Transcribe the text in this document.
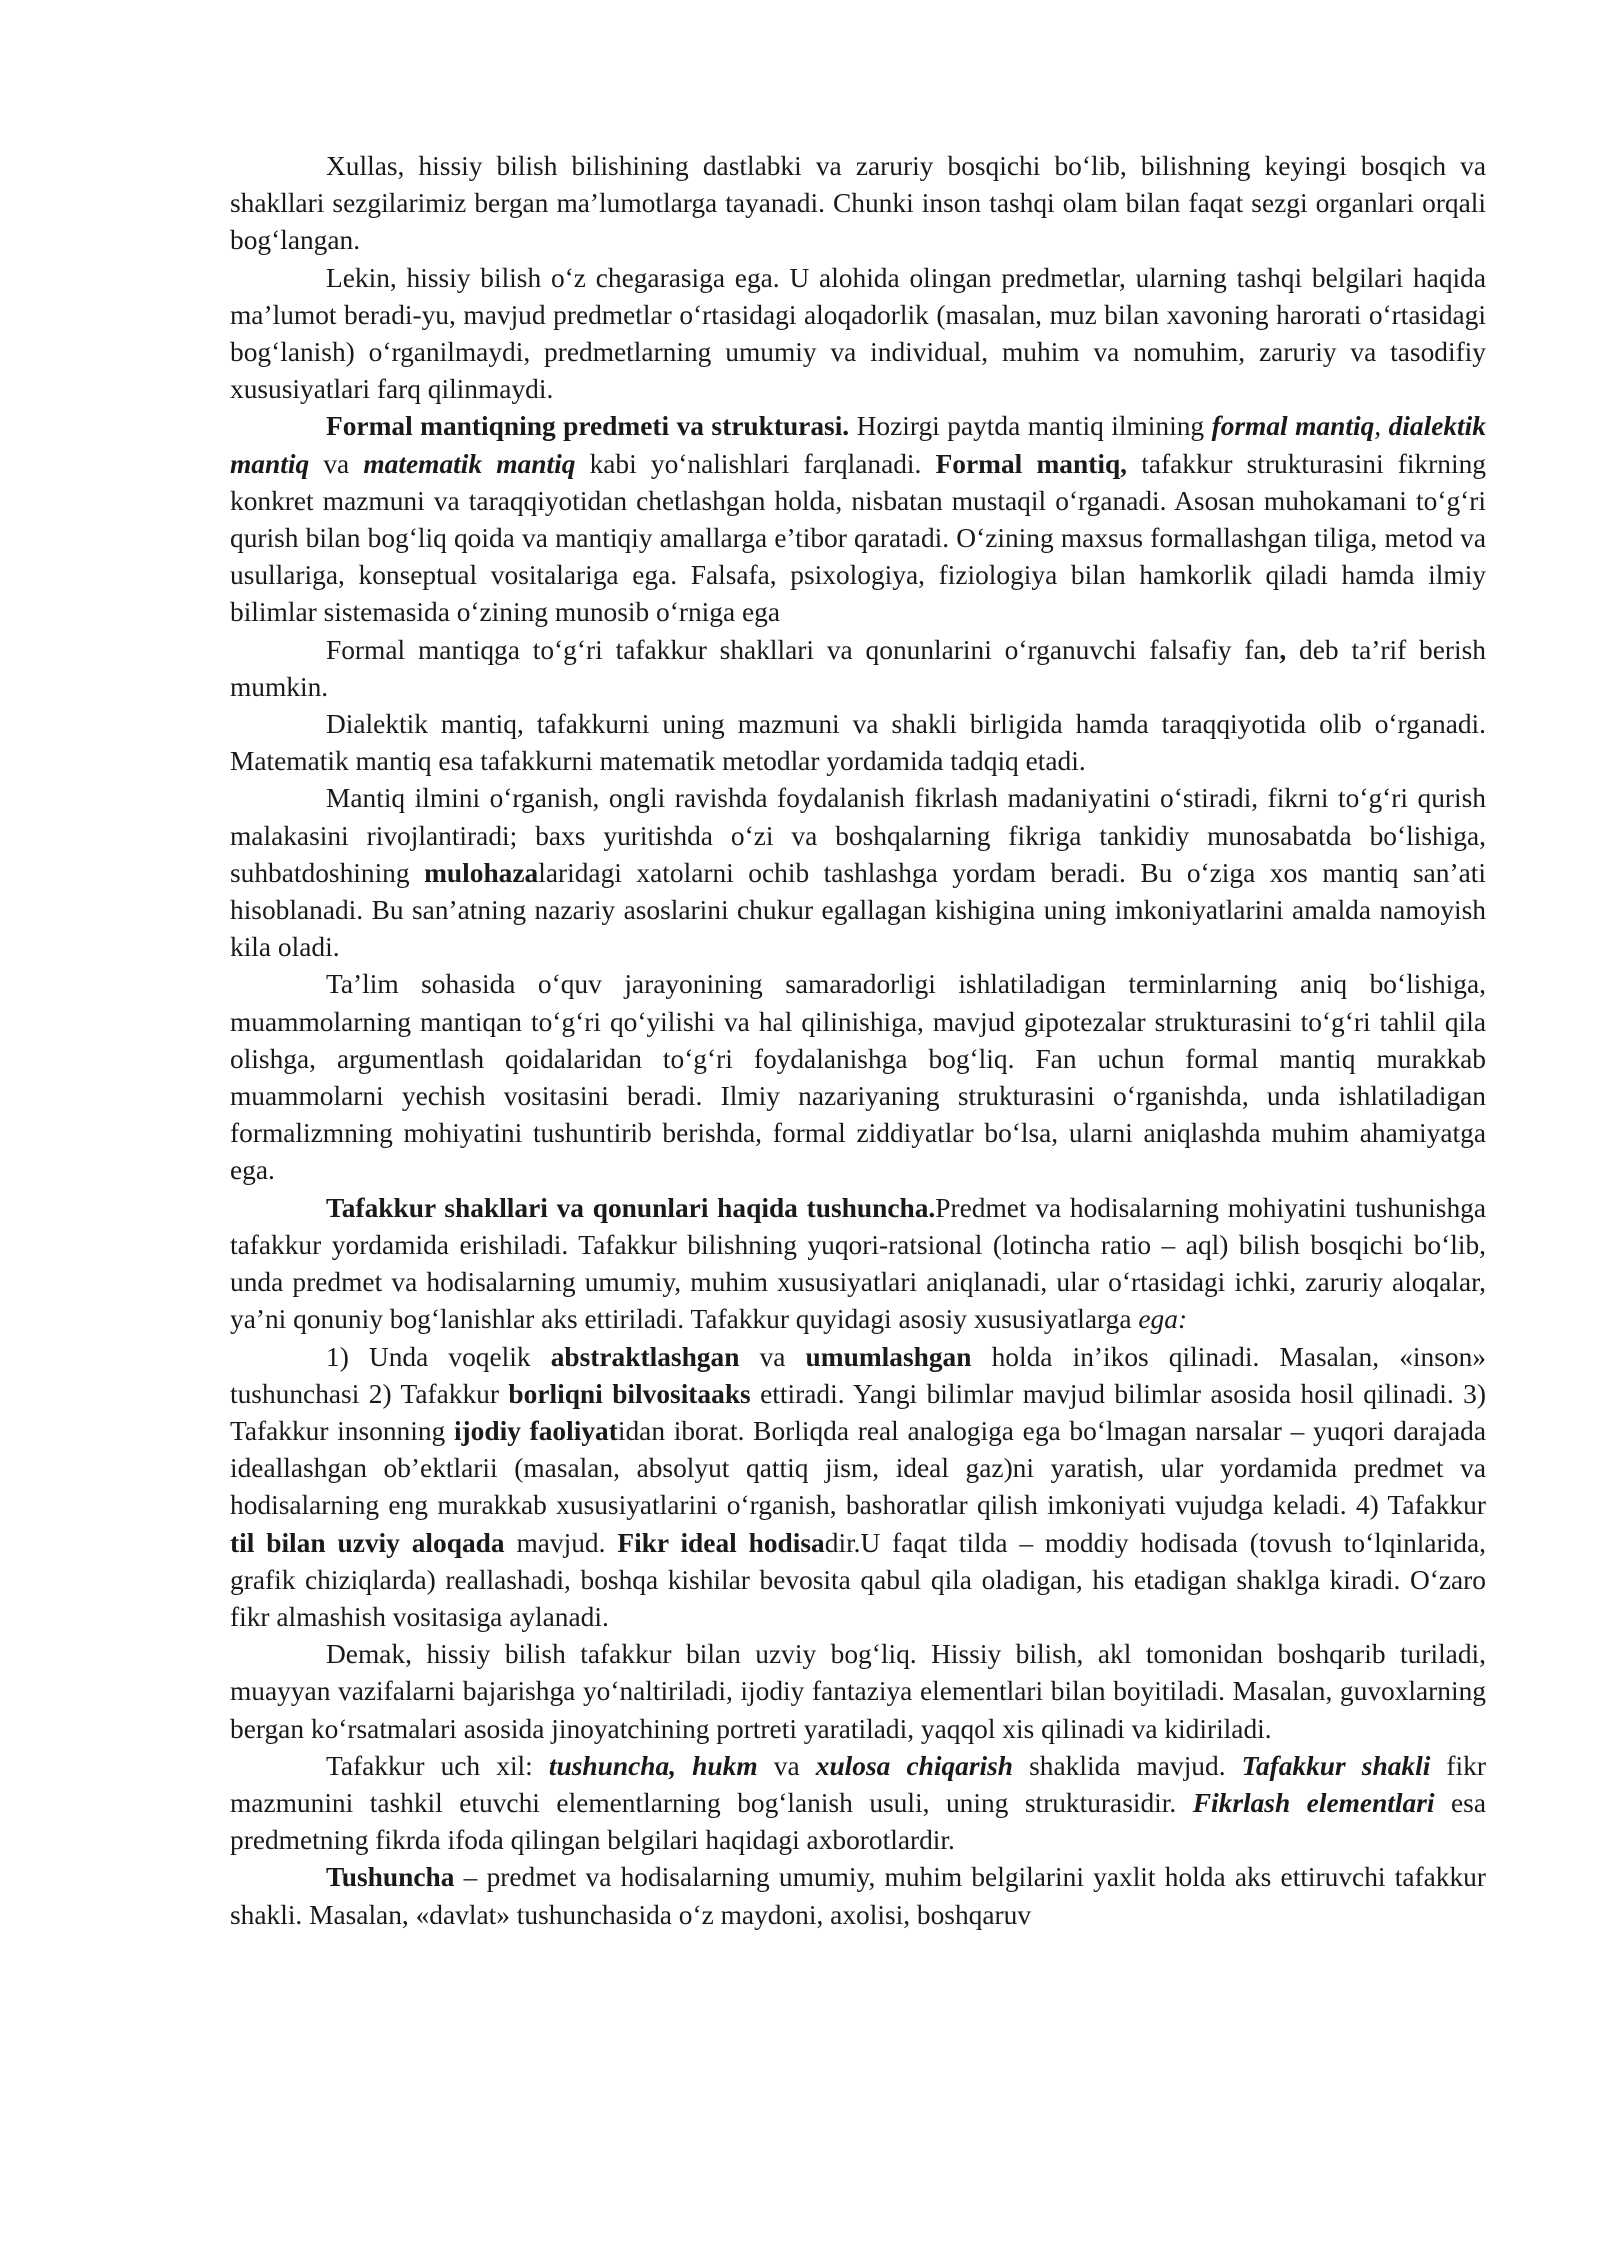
Xullas, hissiy bilish bilishining dastlabki va zaruriy bosqichi bo‘lib, bilishning keyingi bosqich va shakllari sezgilarimiz bergan ma’lumotlarga tayanadi. Chunki inson tashqi olam bilan faqat sezgi organlari orqali bog‘langan.

Lekin, hissiy bilish o‘z chegarasiga ega. U alohida olingan predmetlar, ularning tashqi belgilari haqida ma’lumot beradi-yu, mavjud predmetlar o‘rtasidagi aloqadorlik (masalan, muz bilan xavoning harorati o‘rtasidagi bog‘lanish) o‘rganilmaydi, predmetlarning umumiy va individual, muhim va nomuhim, zaruriy va tasodifiy xususiyatlari farq qilinmaydi.

Formal mantiqning predmeti va strukturasi. Hozirgi paytda mantiq ilmining formal mantiq, dialektik mantiq va matematik mantiq kabi yo‘nalishlari farqlanadi. Formal mantiq, tafakkur strukturasini fikrning konkret mazmuni va taraqqiyotidan chetlashgan holda, nisbatan mustaqil o‘rganadi. Asosan muhokamani to‘g‘ri qurish bilan bog‘liq qoida va mantiqiy amallarga e’tibor qaratadi. O‘zining maxsus formallashgan tiliga, metod va usullariga, konseptual vositalariga ega. Falsafa, psixologiya, fiziologiya bilan hamkorlik qiladi hamda ilmiy bilimlar sistemasida o‘zining munosib o‘rniga ega

Formal mantiqga to‘g‘ri tafakkur shakllari va qonunlarini o‘rganuvchi falsafiy fan, deb ta’rif berish mumkin.

Dialektik mantiq, tafakkurni uning mazmuni va shakli birligida hamda taraqqiyotida olib o‘rganadi. Matematik mantiq esa tafakkurni matematik metodlar yordamida tadqiq etadi.

Mantiq ilmini o‘rganish, ongli ravishda foydalanish fikrlash madaniyatini o‘stiradi, fikrni to‘g‘ri qurish malakasini rivojlantiradi; baxs yuritishda o‘zi va boshqalarning fikriga tankidiy munosabatda bo‘lishiga, suhbatdoshining mulohazalaridagi xatolarni ochib tashlashga yordam beradi. Bu o‘ziga xos mantiq san’ati hisoblanadi. Bu san’atning nazariy asoslarini chukur egallagan kishigina uning imkoniyatlarini amalda namoyish kila oladi.

Ta’lim sohasida o‘quv jarayonining samaradorligi ishlatiladigan terminlarning aniq bo‘lishiga, muammolarning mantiqan to‘g‘ri qo‘yilishi va hal qilinishiga, mavjud gipotezalar strukturasini to‘g‘ri tahlil qila olishga, argumentlash qoidalaridan to‘g‘ri foydalanishga bog‘liq. Fan uchun formal mantiq murakkab muammolarni yechish vositasini beradi. Ilmiy nazariyaning strukturasini o‘rganishda, unda ishlatiladigan formalizmning mohiyatini tushuntirib berishda, formal ziddiyatlar bo‘lsa, ularni aniqlashda muhim ahamiyatga ega.

Tafakkur shakllari va qonunlari haqida tushuncha.Predmet va hodisalarning mohiyatini tushunishga tafakkur yordamida erishiladi. Tafakkur bilishning yuqori-ratsional (lotincha ratio – aql) bilish bosqichi bo‘lib, unda predmet va hodisalarning umumiy, muhim xususiyatlari aniqlanadi, ular o‘rtasidagi ichki, zaruriy aloqalar, ya’ni qonuniy bog‘lanishlar aks ettiriladi. Tafakkur quyidagi asosiy xususiyatlarga ega:

1) Unda voqelik abstraktlashgan va umumlashgan holda in’ikos qilinadi. Masalan, «inson» tushunchasi 2) Tafakkur borliqni bilvositaaks ettiradi. Yangi bilimlar mavjud bilimlar asosida hosil qilinadi. 3) Tafakkur insonning ijodiy faoliyatidan iborat. Borliqda real analogiga ega bo‘lmagan narsalar – yuqori darajada ideallashgan ob’ektlarii (masalan, absolyut qattiq jism, ideal gaz)ni yaratish, ular yordamida predmet va hodisalarning eng murakkab xususiyatlarini o‘rganish, bashoratlar qilish imkoniyati vujudga keladi. 4) Tafakkur til bilan uzviy aloqada mavjud. Fikr ideal hodisadir.U faqat tilda – moddiy hodisada (tovush to‘lqinlarida, grafik chiziqlarda) reallashadi, boshqa kishilar bevosita qabul qila oladigan, his etadigan shaklga kiradi. O‘zaro fikr almashish vositasiga aylanadi.

Demak, hissiy bilish tafakkur bilan uzviy bog‘liq. Hissiy bilish, akl tomonidan boshqarib turiladi, muayyan vazifalarni bajarishga yo‘naltiriladi, ijodiy fantaziya elementlari bilan boyitiladi. Masalan, guvoxlarning bergan ko‘rsatmalari asosida jinoyatchining portreti yaratiladi, yaqqol xis qilinadi va kidiriladi.

Tafakkur uch xil: tushuncha, hukm va xulosa chiqarish shaklida mavjud. Tafakkur shakli fikr mazmunini tashkil etuvchi elementlarning bog‘lanish usuli, uning strukturasidir. Fikrlash elementlari esa predmetning fikrda ifoda qilingan belgilari haqidagi axborotlardir.

Tushuncha – predmet va hodisalarning umumiy, muhim belgilarini yaxlit holda aks ettiruvchi tafakkur shakli. Masalan, «davlat» tushunchasida o‘z maydoni, axolisi, boshqaruv
